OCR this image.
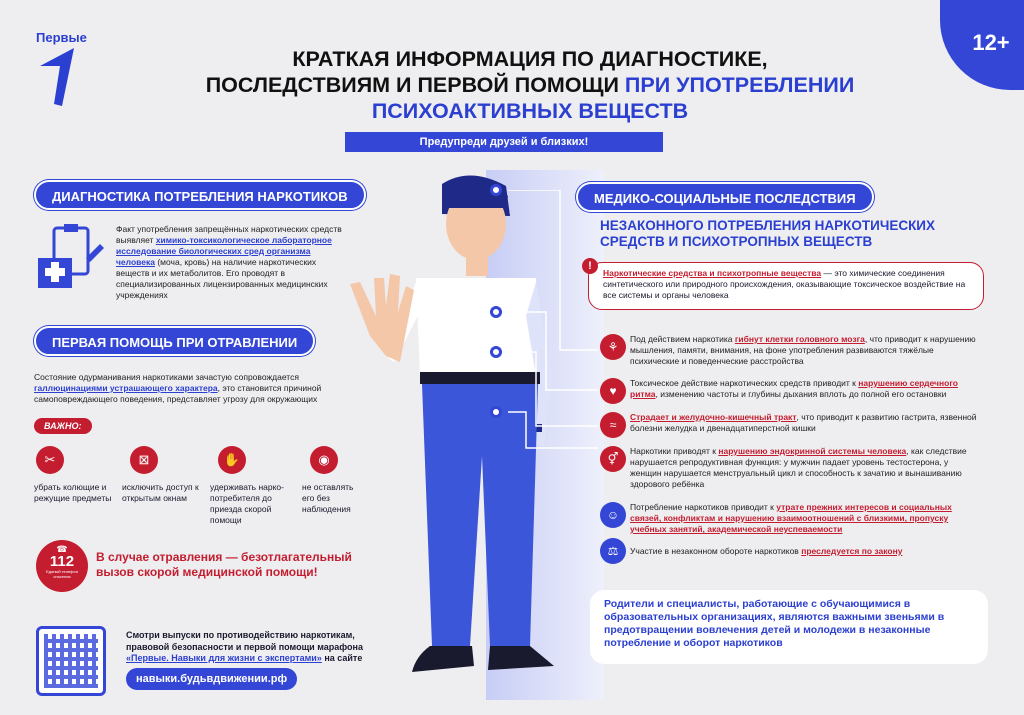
Первые	12+
КРАТКАЯ ИНФОРМАЦИЯ ПО ДИАГНОСТИКЕ,
ПОСЛЕДСТВИЯМ И ПЕРВОЙ ПОМОЩИ ПРИ УПОТРЕБЛЕНИИ
ПСИХОАКТИВНЫХ ВЕЩЕСТВ
Предупреди друзей и близких!
ДИАГНОСТИКА ПОТРЕБЛЕНИЯ НАРКОТИКОВ
Факт употребления запрещённых наркотических средств выявляет химико-токсикологическое лабораторное исследование биологических сред организма человека (моча, кровь) на наличие наркотических веществ и их метаболитов. Его проводят в специализированных лицензированных медицинских учреждениях
ПЕРВАЯ ПОМОЩЬ ПРИ ОТРАВЛЕНИИ
Состояние одурманивания наркотиками зачастую сопровождается галлюцинациями устрашающего характера, это становится причиной самоповреждающего поведения, представляет угрозу для окружающих
ВАЖНО:
✂
убрать колющие и режущие предметы
⊠
исключить доступ к открытым окнам
✋
удерживать нарко-потребителя до приезда скорой помощи
◉
не оставлять его без наблюдения
☎
112
Единый телефон спасения
В случае отравления — безотлагательный вызов скорой медицинской помощи!
Смотри выпуски по противодействию наркотикам, правовой безопасности и первой помощи марафона «Первые. Навыки для жизни с экспертами» на сайте
навыки.будьвдвижении.рф
МЕДИКО-СОЦИАЛЬНЫЕ ПОСЛЕДСТВИЯ
НЕЗАКОННОГО ПОТРЕБЛЕНИЯ НАРКОТИЧЕСКИХ СРЕДСТВ И ПСИХОТРОПНЫХ ВЕЩЕСТВ
Наркотические средства и психотропные вещества — это химические соединения синтетического или природного происхождения, оказывающие токсическое воздействие на все системы и органы человека
!
⚘
Под действием наркотика гибнут клетки головного мозга, что приводит к нарушению мышления, памяти, внимания, на фоне употребления развиваются тяжёлые психические и поведенческие расстройства
♥
Токсическое действие наркотических средств приводит к нарушению сердечного ритма, изменению частоты и глубины дыхания вплоть до полной его остановки
≈
Страдает и желудочно-кишечный тракт, что приводит к развитию гастрита, язвенной болезни желудка и двенадцатиперстной кишки
⚥
Наркотики приводят к нарушению эндокринной системы человека, как следствие нарушается репродуктивная функция: у мужчин падает уровень тестостерона, у женщин нарушается менструальный цикл и способность к зачатию и вынашиванию здорового ребёнка
☺
Потребление наркотиков приводит к утрате прежних интересов и социальных связей, конфликтам и нарушению взаимоотношений с близкими, пропуску учебных занятий, академической неуспеваемости
⚖	Участие в незаконном обороте наркотиков преследуется по закону
Родители и специалисты, работающие с обучающимися в образовательных организациях, являются важными звеньями в предотвращении вовлечения детей и молодежи в незаконные потребление и оборот наркотиков
